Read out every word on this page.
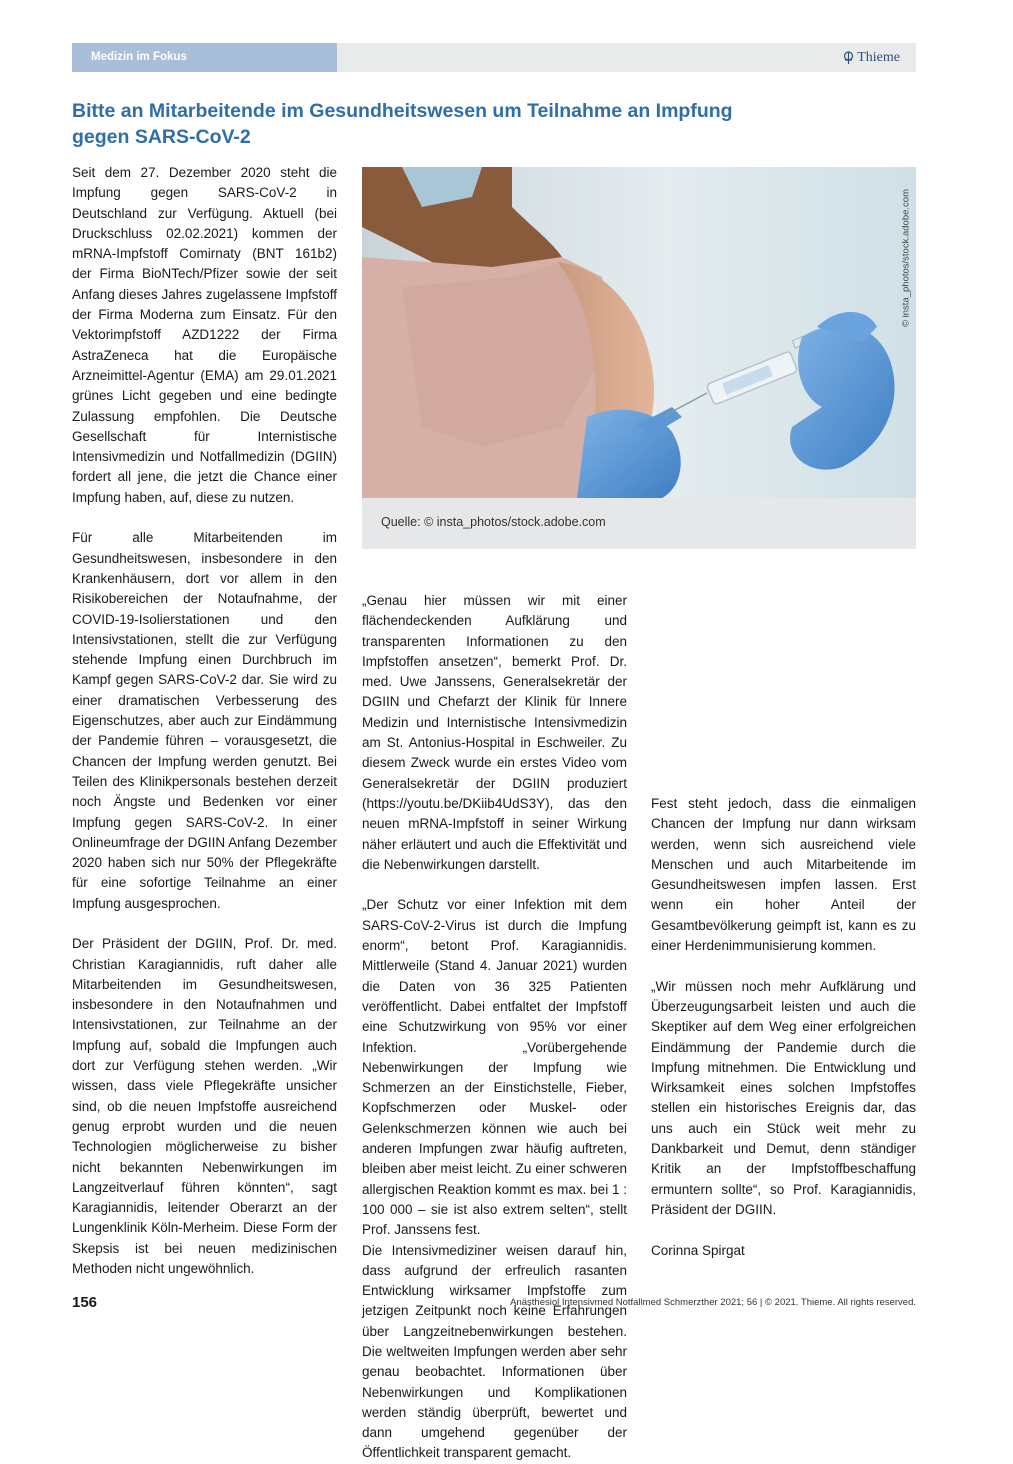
Medizin im Fokus	Thieme
Bitte an Mitarbeitende im Gesundheitswesen um Teilnahme an Impfung gegen SARS-CoV-2

Seit dem 27. Dezember 2020 steht die Impfung gegen SARS-CoV-2 in Deutschland zur Verfügung. Aktuell (bei Druckschluss 02.02.2021) kommen der mRNA-Impfstoff Comirnaty (BNT 161b2) der Firma BioNTech/Pfizer sowie der seit Anfang dieses Jahres zugelassene Impfstoff der Firma Moderna zum Einsatz. Für den Vektorimpfstoff AZD1222 der Firma AstraZeneca hat die Europäische Arzneimittel-Agentur (EMA) am 29.01.2021 grünes Licht gegeben und eine bedingte Zulassung empfohlen. Die Deutsche Gesellschaft für Internistische Intensivmedizin und Notfallmedizin (DGIIN) fordert all jene, die jetzt die Chance einer Impfung haben, auf, diese zu nutzen.

Für alle Mitarbeitenden im Gesundheitswesen, insbesondere in den Krankenhäusern, dort vor allem in den Risikobereichen der Notaufnahme, der COVID-19-Isolierstationen und den Intensivstationen, stellt die zur Verfügung stehende Impfung einen Durchbruch im Kampf gegen SARS-CoV-2 dar. Sie wird zu einer dramatischen Verbesserung des Eigenschutzes, aber auch zur Eindämmung der Pandemie führen – vorausgesetzt, die Chancen der Impfung werden genutzt. Bei Teilen des Klinikpersonals bestehen derzeit noch Ängste und Bedenken vor einer Impfung gegen SARS-CoV-2. In einer Onlineumfrage der DGIIN Anfang Dezember 2020 haben sich nur 50% der Pflegekräfte für eine sofortige Teilnahme an einer Impfung ausgesprochen.

Der Präsident der DGIIN, Prof. Dr. med. Christian Karagiannidis, ruft daher alle Mitarbeitenden im Gesundheitswesen, insbesondere in den Notaufnahmen und Intensivstationen, zur Teilnahme an der Impfung auf, sobald die Impfungen auch dort zur Verfügung stehen werden. „Wir wissen, dass viele Pflegekräfte unsicher sind, ob die neuen Impfstoffe ausreichend genug erprobt wurden und die neuen Technologien möglicherweise zu bisher nicht bekannten Nebenwirkungen im Langzeitverlauf führen könnten“, sagt Karagiannidis, leitender Oberarzt an der Lungenklinik Köln-Merheim. Diese Form der Skepsis ist bei neuen medizinischen Methoden nicht ungewöhnlich.

Quelle: © insta_photos/stock.adobe.com
© insta_photos/stock.adobe.com

„Genau hier müssen wir mit einer flächendeckenden Aufklärung und transparenten Informationen zu den Impfstoffen ansetzen“, bemerkt Prof. Dr. med. Uwe Janssens, Generalsekretär der DGIIN und Chefarzt der Klinik für Innere Medizin und Internistische Intensivmedizin am St. Antonius-Hospital in Eschweiler. Zu diesem Zweck wurde ein erstes Video vom Generalsekretär der DGIIN produziert (https://youtu.be/DKiib4UdS3Y), das den neuen mRNA-Impfstoff in seiner Wirkung näher erläutert und auch die Effektivität und die Nebenwirkungen darstellt.

„Der Schutz vor einer Infektion mit dem SARS-CoV-2-Virus ist durch die Impfung enorm“, betont Prof. Karagiannidis. Mittlerweile (Stand 4. Januar 2021) wurden die Daten von 36 325 Patienten veröffentlicht. Dabei entfaltet der Impfstoff eine Schutzwirkung von 95% vor einer Infektion. „Vorübergehende Nebenwirkungen der Impfung wie Schmerzen an der Einstichstelle, Fieber, Kopfschmerzen oder Muskel- oder Gelenkschmerzen können wie auch bei anderen Impfungen zwar häufig auftreten, bleiben aber meist leicht. Zu einer schweren allergischen Reaktion kommt es max. bei 1 : 100 000 – sie ist also extrem selten“, stellt Prof. Janssens fest.

Die Intensivmediziner weisen darauf hin, dass aufgrund der erfreulich rasanten Entwicklung wirksamer Impfstoffe zum jetzigen Zeitpunkt noch keine Erfahrungen über Langzeitnebenwirkungen bestehen. Die weltweiten Impfungen werden aber sehr genau beobachtet. Informationen über Nebenwirkungen und Komplikationen werden ständig überprüft, bewertet und dann umgehend gegenüber der Öffentlichkeit transparent gemacht.

Fest steht jedoch, dass die einmaligen Chancen der Impfung nur dann wirksam werden, wenn sich ausreichend viele Menschen und auch Mitarbeitende im Gesundheitswesen impfen lassen. Erst wenn ein hoher Anteil der Gesamtbevölkerung geimpft ist, kann es zu einer Herdenimmunisierung kommen.

„Wir müssen noch mehr Aufklärung und Überzeugungsarbeit leisten und auch die Skeptiker auf dem Weg einer erfolgreichen Eindämmung der Pandemie durch die Impfung mitnehmen. Die Entwicklung und Wirksamkeit eines solchen Impfstoffes stellen ein historisches Ereignis dar, das uns auch ein Stück weit mehr zu Dankbarkeit und Demut, denn ständiger Kritik an der Impfstoffbeschaffung ermuntern sollte“, so Prof. Karagiannidis, Präsident der DGIIN.

Corinna Spirgat

156	Anästhesiol Intensivmed Notfallmed Schmerzther 2021; 56 | © 2021. Thieme. All rights reserved.
